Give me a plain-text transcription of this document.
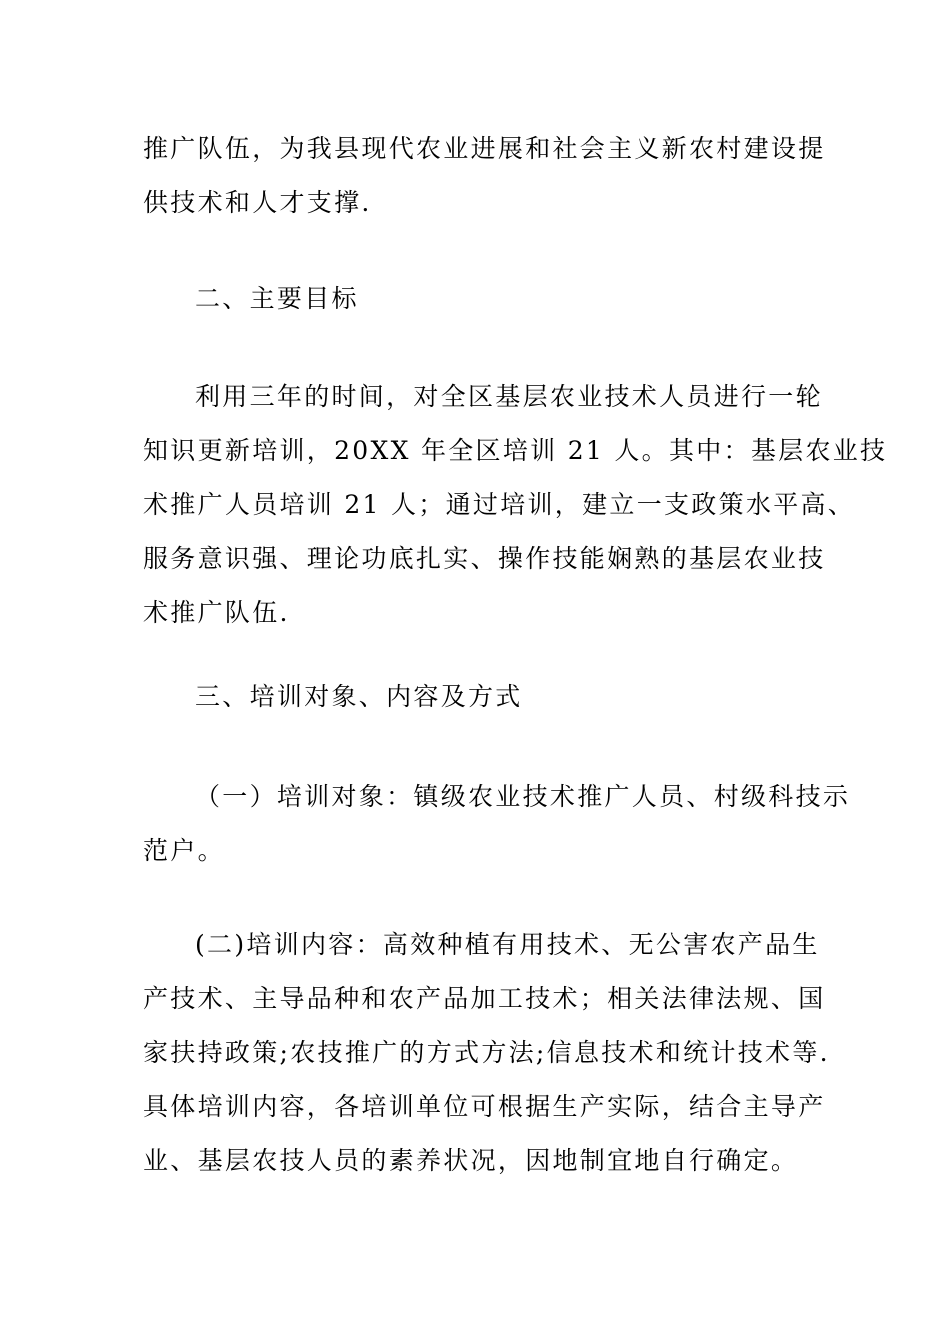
推广队伍，为我县现代农业进展和社会主义新农村建设提
供技术和人才支撑.
二、主要目标
利用三年的时间，对全区基层农业技术人员进行一轮
知识更新培训，20XX 年全区培训 21 人。其中：基层农业技
术推广人员培训 21 人；通过培训，建立一支政策水平高、
服务意识强、理论功底扎实、操作技能娴熟的基层农业技
术推广队伍.
三、培训对象、内容及方式
（一）培训对象：镇级农业技术推广人员、村级科技示
范户。
(二)培训内容：高效种植有用技术、无公害农产品生
产技术、主导品种和农产品加工技术；相关法律法规、国
家扶持政策;农技推广的方式方法;信息技术和统计技术等.
具体培训内容，各培训单位可根据生产实际，结合主导产
业、基层农技人员的素养状况，因地制宜地自行确定。
